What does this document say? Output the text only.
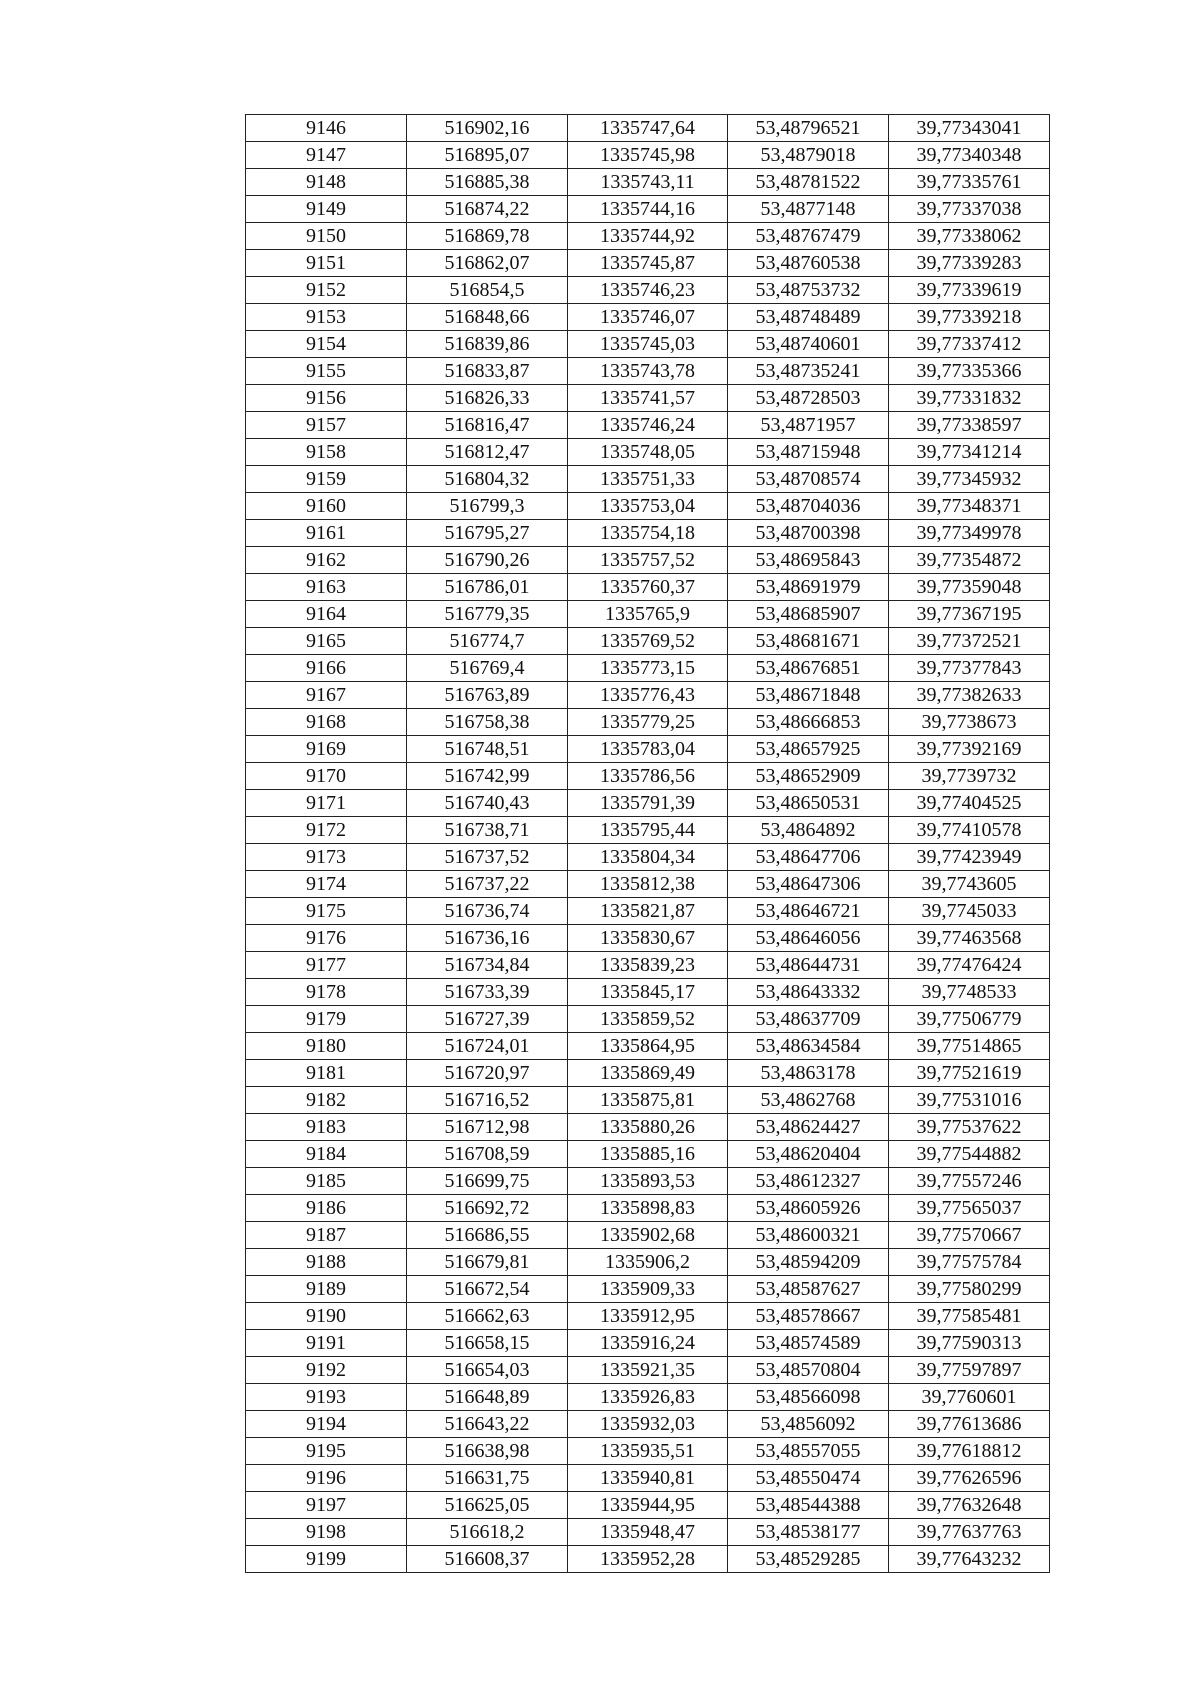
9146	516902,16	1335747,64	53,48796521	39,77343041
9147	516895,07	1335745,98	53,4879018	39,77340348
9148	516885,38	1335743,11	53,48781522	39,77335761
9149	516874,22	1335744,16	53,4877148	39,77337038
9150	516869,78	1335744,92	53,48767479	39,77338062
9151	516862,07	1335745,87	53,48760538	39,77339283
9152	516854,5	1335746,23	53,48753732	39,77339619
9153	516848,66	1335746,07	53,48748489	39,77339218
9154	516839,86	1335745,03	53,48740601	39,77337412
9155	516833,87	1335743,78	53,48735241	39,77335366
9156	516826,33	1335741,57	53,48728503	39,77331832
9157	516816,47	1335746,24	53,4871957	39,77338597
9158	516812,47	1335748,05	53,48715948	39,77341214
9159	516804,32	1335751,33	53,48708574	39,77345932
9160	516799,3	1335753,04	53,48704036	39,77348371
9161	516795,27	1335754,18	53,48700398	39,77349978
9162	516790,26	1335757,52	53,48695843	39,77354872
9163	516786,01	1335760,37	53,48691979	39,77359048
9164	516779,35	1335765,9	53,48685907	39,77367195
9165	516774,7	1335769,52	53,48681671	39,77372521
9166	516769,4	1335773,15	53,48676851	39,77377843
9167	516763,89	1335776,43	53,48671848	39,77382633
9168	516758,38	1335779,25	53,48666853	39,7738673
9169	516748,51	1335783,04	53,48657925	39,77392169
9170	516742,99	1335786,56	53,48652909	39,7739732
9171	516740,43	1335791,39	53,48650531	39,77404525
9172	516738,71	1335795,44	53,4864892	39,77410578
9173	516737,52	1335804,34	53,48647706	39,77423949
9174	516737,22	1335812,38	53,48647306	39,7743605
9175	516736,74	1335821,87	53,48646721	39,7745033
9176	516736,16	1335830,67	53,48646056	39,77463568
9177	516734,84	1335839,23	53,48644731	39,77476424
9178	516733,39	1335845,17	53,48643332	39,7748533
9179	516727,39	1335859,52	53,48637709	39,77506779
9180	516724,01	1335864,95	53,48634584	39,77514865
9181	516720,97	1335869,49	53,4863178	39,77521619
9182	516716,52	1335875,81	53,4862768	39,77531016
9183	516712,98	1335880,26	53,48624427	39,77537622
9184	516708,59	1335885,16	53,48620404	39,77544882
9185	516699,75	1335893,53	53,48612327	39,77557246
9186	516692,72	1335898,83	53,48605926	39,77565037
9187	516686,55	1335902,68	53,48600321	39,77570667
9188	516679,81	1335906,2	53,48594209	39,77575784
9189	516672,54	1335909,33	53,48587627	39,77580299
9190	516662,63	1335912,95	53,48578667	39,77585481
9191	516658,15	1335916,24	53,48574589	39,77590313
9192	516654,03	1335921,35	53,48570804	39,77597897
9193	516648,89	1335926,83	53,48566098	39,7760601
9194	516643,22	1335932,03	53,4856092	39,77613686
9195	516638,98	1335935,51	53,48557055	39,77618812
9196	516631,75	1335940,81	53,48550474	39,77626596
9197	516625,05	1335944,95	53,48544388	39,77632648
9198	516618,2	1335948,47	53,48538177	39,77637763
9199	516608,37	1335952,28	53,48529285	39,77643232
